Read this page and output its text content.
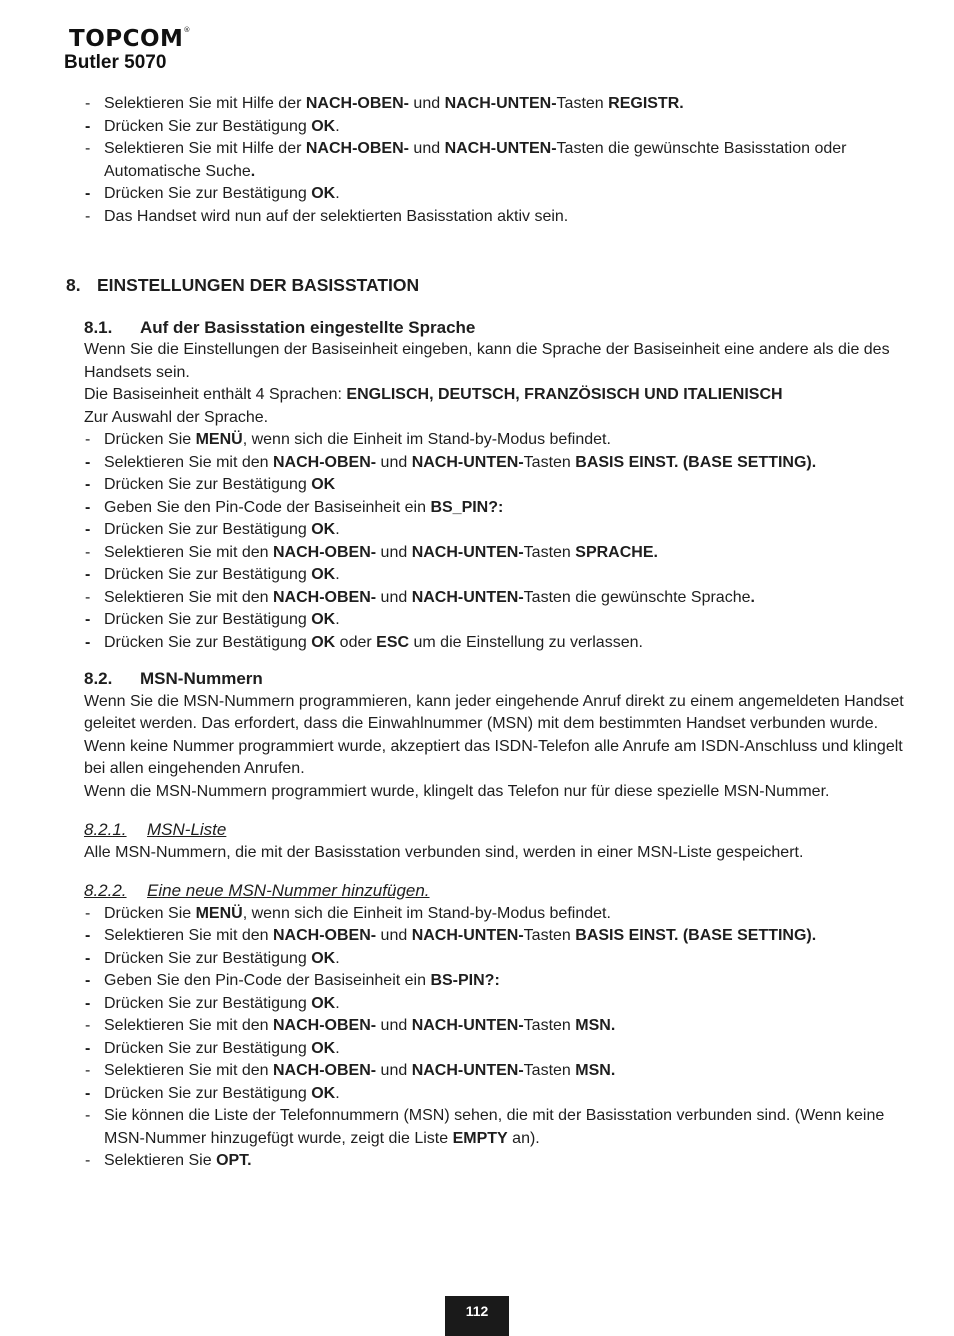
TOPCOM®
Butler 5070
- Selektieren Sie mit Hilfe der NACH-OBEN- und NACH-UNTEN-Tasten REGISTR.
- Drücken Sie zur Bestätigung OK.
- Selektieren Sie mit Hilfe der NACH-OBEN- und NACH-UNTEN-Tasten die gewünschte Basisstation oder Automatische Suche.
- Drücken Sie zur Bestätigung OK.
- Das Handset wird nun auf der selektierten Basisstation aktiv sein.
8. EINSTELLUNGEN DER BASISSTATION
8.1. Auf der Basisstation eingestellte Sprache
Wenn Sie die Einstellungen der Basiseinheit eingeben, kann die Sprache der Basiseinheit eine andere als die des Handsets sein.
Die Basiseinheit enthält 4 Sprachen: ENGLISCH, DEUTSCH, FRANZÖSISCH UND ITALIENISCH
Zur Auswahl der Sprache.
- Drücken Sie MENÜ, wenn sich die Einheit im Stand-by-Modus befindet.
- Selektieren Sie mit den NACH-OBEN- und NACH-UNTEN-Tasten BASIS EINST. (BASE SETTING).
- Drücken Sie zur Bestätigung OK
- Geben Sie den Pin-Code der Basiseinheit ein BS_PIN?:
- Drücken Sie zur Bestätigung OK.
- Selektieren Sie mit den NACH-OBEN- und NACH-UNTEN-Tasten SPRACHE.
- Drücken Sie zur Bestätigung OK.
- Selektieren Sie mit den NACH-OBEN- und NACH-UNTEN-Tasten die gewünschte Sprache.
- Drücken Sie zur Bestätigung OK.
- Drücken Sie zur Bestätigung OK oder ESC um die Einstellung zu verlassen.
8.2. MSN-Nummern
Wenn Sie die MSN-Nummern programmieren, kann jeder eingehende Anruf direkt zu einem angemeldeten Handset geleitet werden. Das erfordert, dass die Einwahlnummer (MSN) mit dem bestimmten Handset verbunden wurde.
Wenn keine Nummer programmiert wurde, akzeptiert das ISDN-Telefon alle Anrufe am ISDN-Anschluss und klingelt bei allen eingehenden Anrufen.
Wenn die MSN-Nummern programmiert wurde, klingelt das Telefon nur für diese spezielle MSN-Nummer.
8.2.1. MSN-Liste
Alle MSN-Nummern, die mit der Basisstation verbunden sind, werden in einer MSN-Liste gespeichert.
8.2.2. Eine neue MSN-Nummer hinzufügen.
- Drücken Sie MENÜ, wenn sich die Einheit im Stand-by-Modus befindet.
- Selektieren Sie mit den NACH-OBEN- und NACH-UNTEN-Tasten BASIS EINST. (BASE SETTING).
- Drücken Sie zur Bestätigung OK.
- Geben Sie den Pin-Code der Basiseinheit ein BS-PIN?:
- Drücken Sie zur Bestätigung OK.
- Selektieren Sie mit den NACH-OBEN- und NACH-UNTEN-Tasten MSN.
- Drücken Sie zur Bestätigung OK.
- Selektieren Sie mit den NACH-OBEN- und NACH-UNTEN-Tasten MSN.
- Drücken Sie zur Bestätigung OK.
- Sie können die Liste der Telefonnummern (MSN) sehen, die mit der Basisstation verbunden sind. (Wenn keine MSN-Nummer hinzugefügt wurde, zeigt die Liste EMPTY an).
- Selektieren Sie OPT.
112
